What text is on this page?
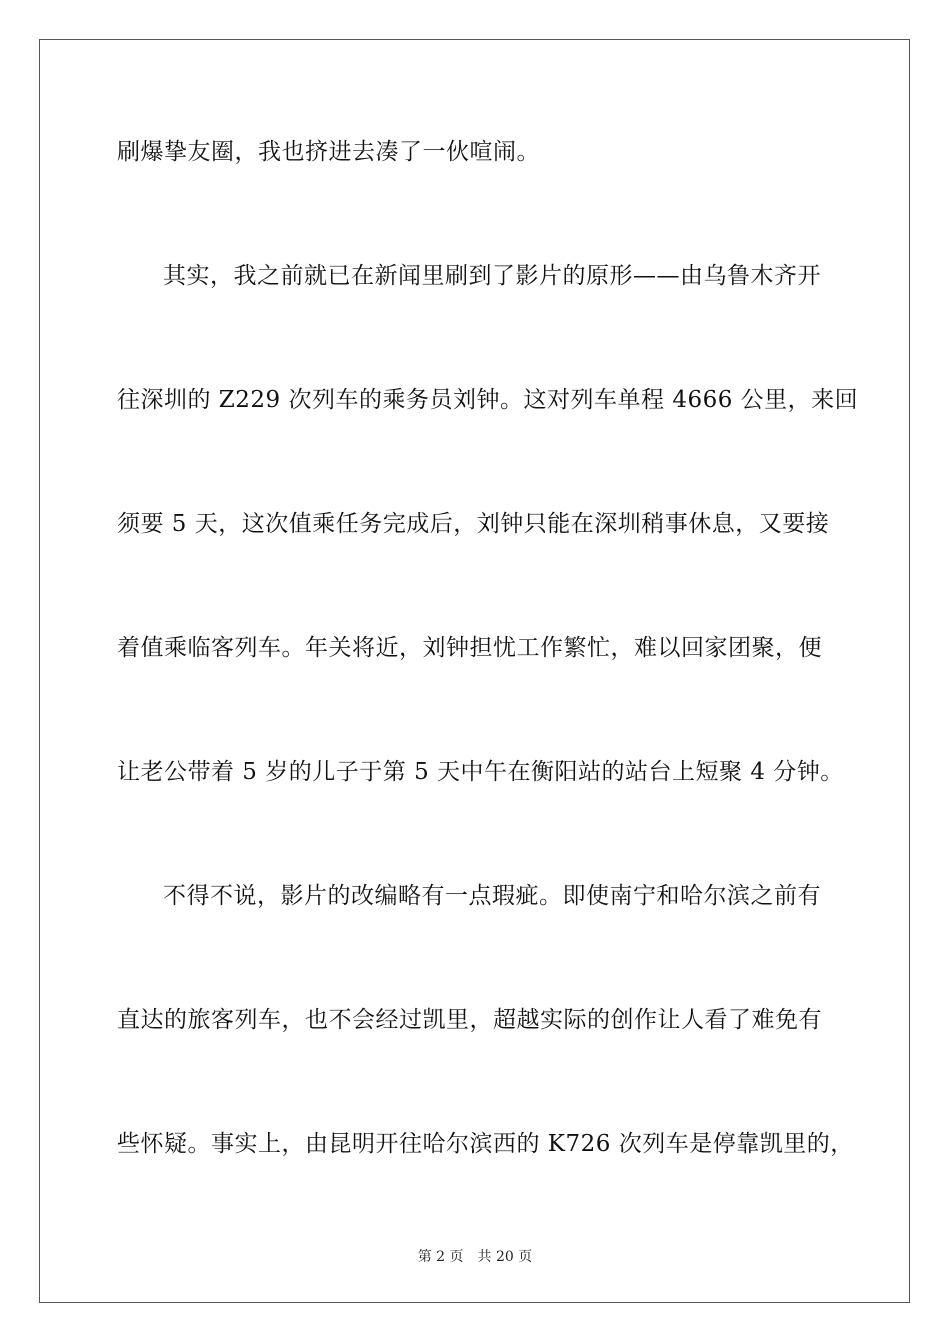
刷爆挚友圈，我也挤进去凑了一伙喧闹。
其实，我之前就已在新闻里刷到了影片的原形——由乌鲁木齐开
往深圳的 Z229 次列车的乘务员刘钟。这对列车单程 4666 公里，来回
须要 5 天，这次值乘任务完成后，刘钟只能在深圳稍事休息，又要接
着值乘临客列车。年关将近，刘钟担忧工作繁忙，难以回家团聚，便
让老公带着 5 岁的儿子于第 5 天中午在衡阳站的站台上短聚 4 分钟。
不得不说，影片的改编略有一点瑕疵。即使南宁和哈尔滨之前有
直达的旅客列车，也不会经过凯里，超越实际的创作让人看了难免有
些怀疑。事实上，由昆明开往哈尔滨西的 K726 次列车是停靠凯里的，
第 2 页 共 20 页
